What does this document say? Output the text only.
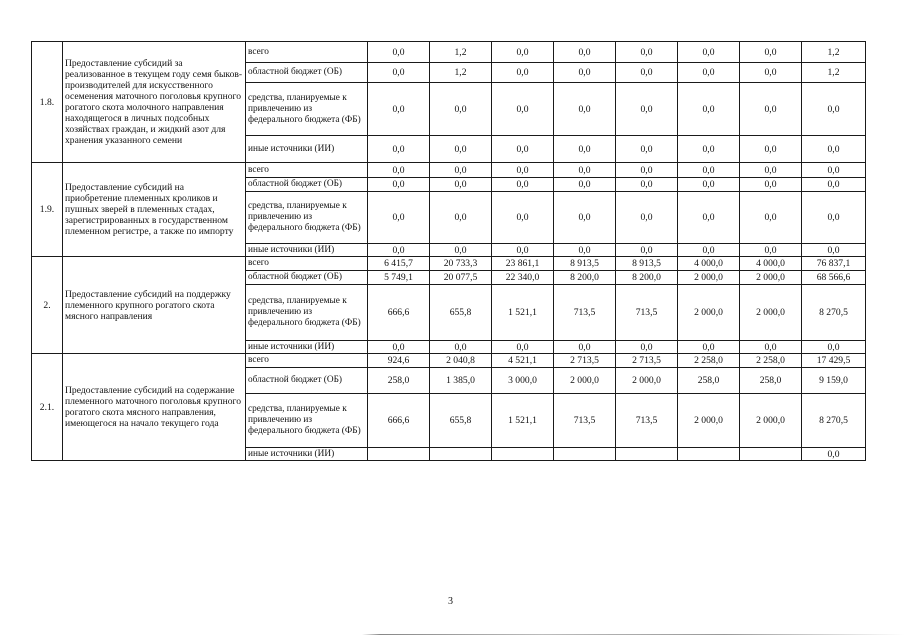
1.8.	Предоставление субсидий за реализованное в текущем году семя быков-производителей для искусственного осеменения маточного поголовья крупного рогатого скота молочного направления находящегося в личных подсобных хозяйствах граждан, и жидкий азот для хранения указанного семени	всего	0,0	1,2	0,0	0,0	0,0	0,0	0,0	1,2
		областной бюджет (ОБ)	0,0	1,2	0,0	0,0	0,0	0,0	0,0	1,2
		средства, планируемые к привлечению из федерального бюджета (ФБ)	0,0	0,0	0,0	0,0	0,0	0,0	0,0	0,0
		иные источники (ИИ)	0,0	0,0	0,0	0,0	0,0	0,0	0,0	0,0
1.9.	Предоставление субсидий на приобретение племенных кроликов и пушных зверей в племенных стадах, зарегистрированных в государственном племенном регистре, а также по импорту	всего	0,0	0,0	0,0	0,0	0,0	0,0	0,0	0,0
		областной бюджет (ОБ)	0,0	0,0	0,0	0,0	0,0	0,0	0,0	0,0
		средства, планируемые к привлечению из федерального бюджета (ФБ)	0,0	0,0	0,0	0,0	0,0	0,0	0,0	0,0
		иные источники (ИИ)	0,0	0,0	0,0	0,0	0,0	0,0	0,0	0,0
2.	Предоставление субсидий на поддержку племенного крупного рогатого скота мясного направления	всего	6 415,7	20 733,3	23 861,1	8 913,5	8 913,5	4 000,0	4 000,0	76 837,1
		областной бюджет (ОБ)	5 749,1	20 077,5	22 340,0	8 200,0	8 200,0	2 000,0	2 000,0	68 566,6
		средства, планируемые к привлечению из федерального бюджета (ФБ)	666,6	655,8	1 521,1	713,5	713,5	2 000,0	2 000,0	8 270,5
		иные источники (ИИ)	0,0	0,0	0,0	0,0	0,0	0,0	0,0	0,0
2.1.	Предоставление субсидий на содержание племенного маточного поголовья крупного рогатого скота мясного направления, имеющегося на начало текущего года	всего	924,6	2 040,8	4 521,1	2 713,5	2 713,5	2 258,0	2 258,0	17 429,5
		областной бюджет (ОБ)	258,0	1 385,0	3 000,0	2 000,0	2 000,0	258,0	258,0	9 159,0
		средства, планируемые к привлечению из федерального бюджета (ФБ)	666,6	655,8	1 521,1	713,5	713,5	2 000,0	2 000,0	8 270,5
		иные источники (ИИ)								0,0
3
